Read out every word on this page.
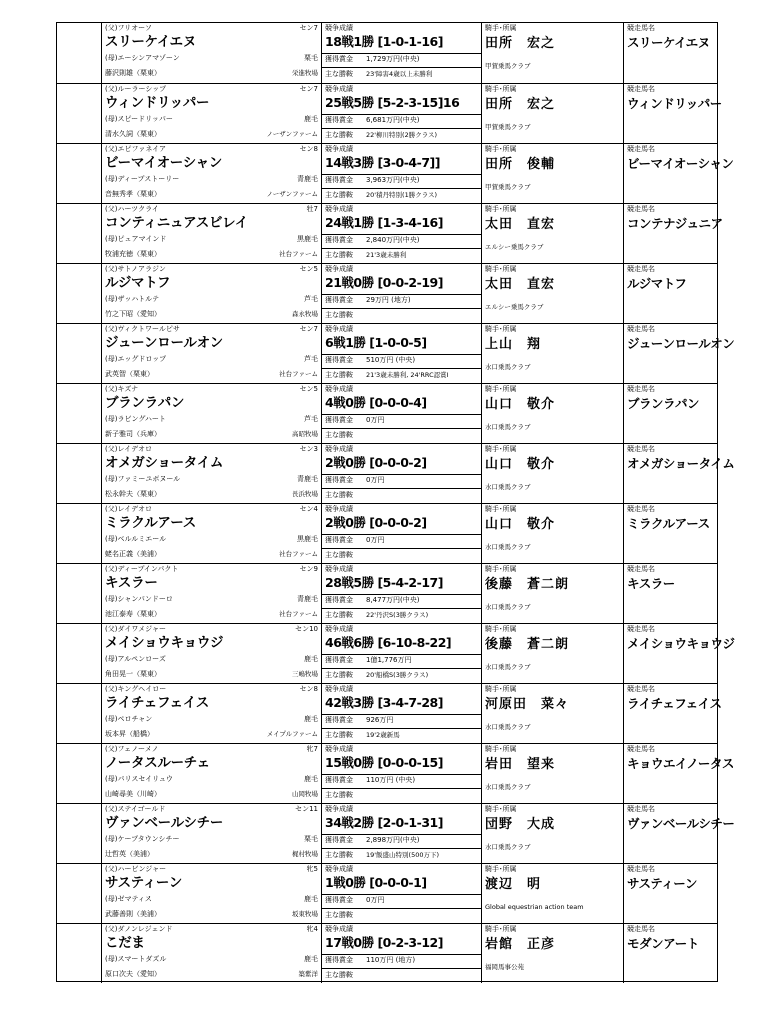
(父)フリオーソ	セン7
スリーケイエヌ
(母)エーシンアマゾーン	栗毛
藤沢則雄（栗東）	栄進牧場
競争成績
18戦1勝 [1-0-1-16]
獲得賞金 1,729万円(中央)
主な勝鞍 23'障害4歳以上未勝利
騎手･所属
田所　宏之
甲賀乗馬クラブ
競走馬名
スリーケイエヌ
(父)ルーラーシップ	セン7
ウィンドリッパー
(母)スピードリッパー	鹿毛
清水久詞（栗東）	ノーザンファーム
競争成績
25戦5勝 [5-2-3-15]16
獲得賞金 6,681万円(中央)
主な勝鞍 22'柳川特別(2勝クラス)
騎手･所属
田所　宏之
甲賀乗馬クラブ
競走馬名
ウィンドリッパー
(父)エピファネイア	セン8
ビーマイオーシャン
(母)ディープストーリー	青鹿毛
音無秀孝（栗東）	ノーザンファーム
競争成績
14戦3勝 [3-0-4-7]]
獲得賞金 3,963万円(中央)
主な勝鞍 20'積丹特別(1勝クラス)
騎手･所属
田所　俊輔
甲賀乗馬クラブ
競走馬名
ビーマイオーシャン
(父)ハーツクライ	牡7
コンティニュアスビレイ
(母)ピュアマインド	黒鹿毛
牧浦充徳（栗東）	社台ファーム
競争成績
24戦1勝 [1-3-4-16]
獲得賞金 2,840万円(中央)
主な勝鞍 21'3歳未勝利
騎手･所属
太田　直宏
エルシー乗馬クラブ
競走馬名
コンテナジュニア
(父)サトノアラジン	セン5
ルジマトフ
(母)ザッハトルテ	芦毛
竹之下昭（愛知）	森永牧場
競争成績
21戦0勝 [0-0-2-19]
獲得賞金 29万円 (地方)
主な勝鞍
騎手･所属
太田　直宏
エルシー乗馬クラブ
競走馬名
ルジマトフ
(父)ヴィクトワールピサ	セン7
ジューンロールオン
(母)エッグドロップ	芦毛
武英智（栗東）	社台ファーム
競争成績
6戦1勝 [1-0-0-5]
獲得賞金 510万円 (中央)
主な勝鞍 21'3歳未勝利, 24'RRC認賞I
騎手･所属
上山　翔
水口乗馬クラブ
競走馬名
ジューンロールオン
(父)キズナ	セン5
ブランラパン
(母)ラビングハート	芦毛
新子雅司（兵庫）	高昭牧場
競争成績
4戦0勝 [0-0-0-4]
獲得賞金 0万円
主な勝鞍
騎手･所属
山口　敬介
水口乗馬クラブ
競走馬名
ブランラパン
(父)レイデオロ	セン3
オメガショータイム
(母)ファミーユボヌール	青鹿毛
松永幹夫（栗東）	長浜牧場
競争成績
2戦0勝 [0-0-0-2]
獲得賞金 0万円
主な勝鞍
騎手･所属
山口　敬介
水口乗馬クラブ
競走馬名
オメガショータイム
(父)レイデオロ	セン4
ミラクルアース
(母)ベルルミエール	黒鹿毛
蛯名正義（美浦）	社台ファーム
競争成績
2戦0勝 [0-0-0-2]
獲得賞金 0万円
主な勝鞍
騎手･所属
山口　敬介
水口乗馬クラブ
競走馬名
ミラクルアース
(父)ディープインパクト	セン9
キスラー
(母)シャンパンドーロ	青鹿毛
池江泰寿（栗東）	社台ファーム
競争成績
28戦5勝 [5-4-2-17]
獲得賞金 8,477万円(中央)
主な勝鞍 22'丹沢S(3勝クラス)
騎手･所属
後藤　蒼二朗
水口乗馬クラブ
競走馬名
キスラー
(父)ダイワメジャー	セン10
メイショウキョウジ
(母)アルペンローズ	鹿毛
角田晃一（栗東）	三嶋牧場
競争成績
46戦6勝 [6-10-8-22]
獲得賞金 1億1,776万円
主な勝鞍 20'船橋S(3勝クラス)
騎手･所属
後藤　蒼二朗
水口乗馬クラブ
競走馬名
メイショウキョウジ
(父)キングヘイロー	セン8
ライチェフェイス
(母)ペロチャン	鹿毛
坂本昇（船橋）	メイプルファーム
競争成績
42戦3勝 [3-4-7-28]
獲得賞金 926万円
主な勝鞍 19'2歳新馬
騎手･所属
河原田　菜々
水口乗馬クラブ
競走馬名
ライチェフェイス
(父)フェノーメノ	牝7
ノータスルーチェ
(母)パリスセイリュウ	鹿毛
山崎尋美（川崎）	山岡牧場
競争成績
15戦0勝 [0-0-0-15]
獲得賞金 110万円 (中央)
主な勝鞍
騎手･所属
岩田　望来
水口乗馬クラブ
競走馬名
キョウエイノータス
(父)ステイゴールド	セン11
ヴァンベールシチー
(母)ケープタウンシチー	栗毛
辻哲英（美浦）	梶村牧場
競争成績
34戦2勝 [2-0-1-31]
獲得賞金 2,898万円(中央)
主な勝鞍 19'飯盛山特別(500万下)
騎手･所属
団野　大成
水口乗馬クラブ
競走馬名
ヴァンベールシチー
(父)ハービンジャー	牝5
サスティーン
(母)ゼマティス	鹿毛
武藤善則（美浦）	坂東牧場
競争成績
1戦0勝 [0-0-0-1]
獲得賞金 0万円
主な勝鞍
騎手･所属
渡辺　明
Global equestrian action team
競走馬名
サスティーン
(父)ダノンレジェンド	牝4
こだま
(母)スマートダズル	鹿毛
原口次夫（愛知）	築紫洋
競争成績
17戦0勝 [0-2-3-12]
獲得賞金 110万円 (地方)
主な勝鞍
騎手･所属
岩館　正彦
福岡馬事公苑
競走馬名
モダンアート
